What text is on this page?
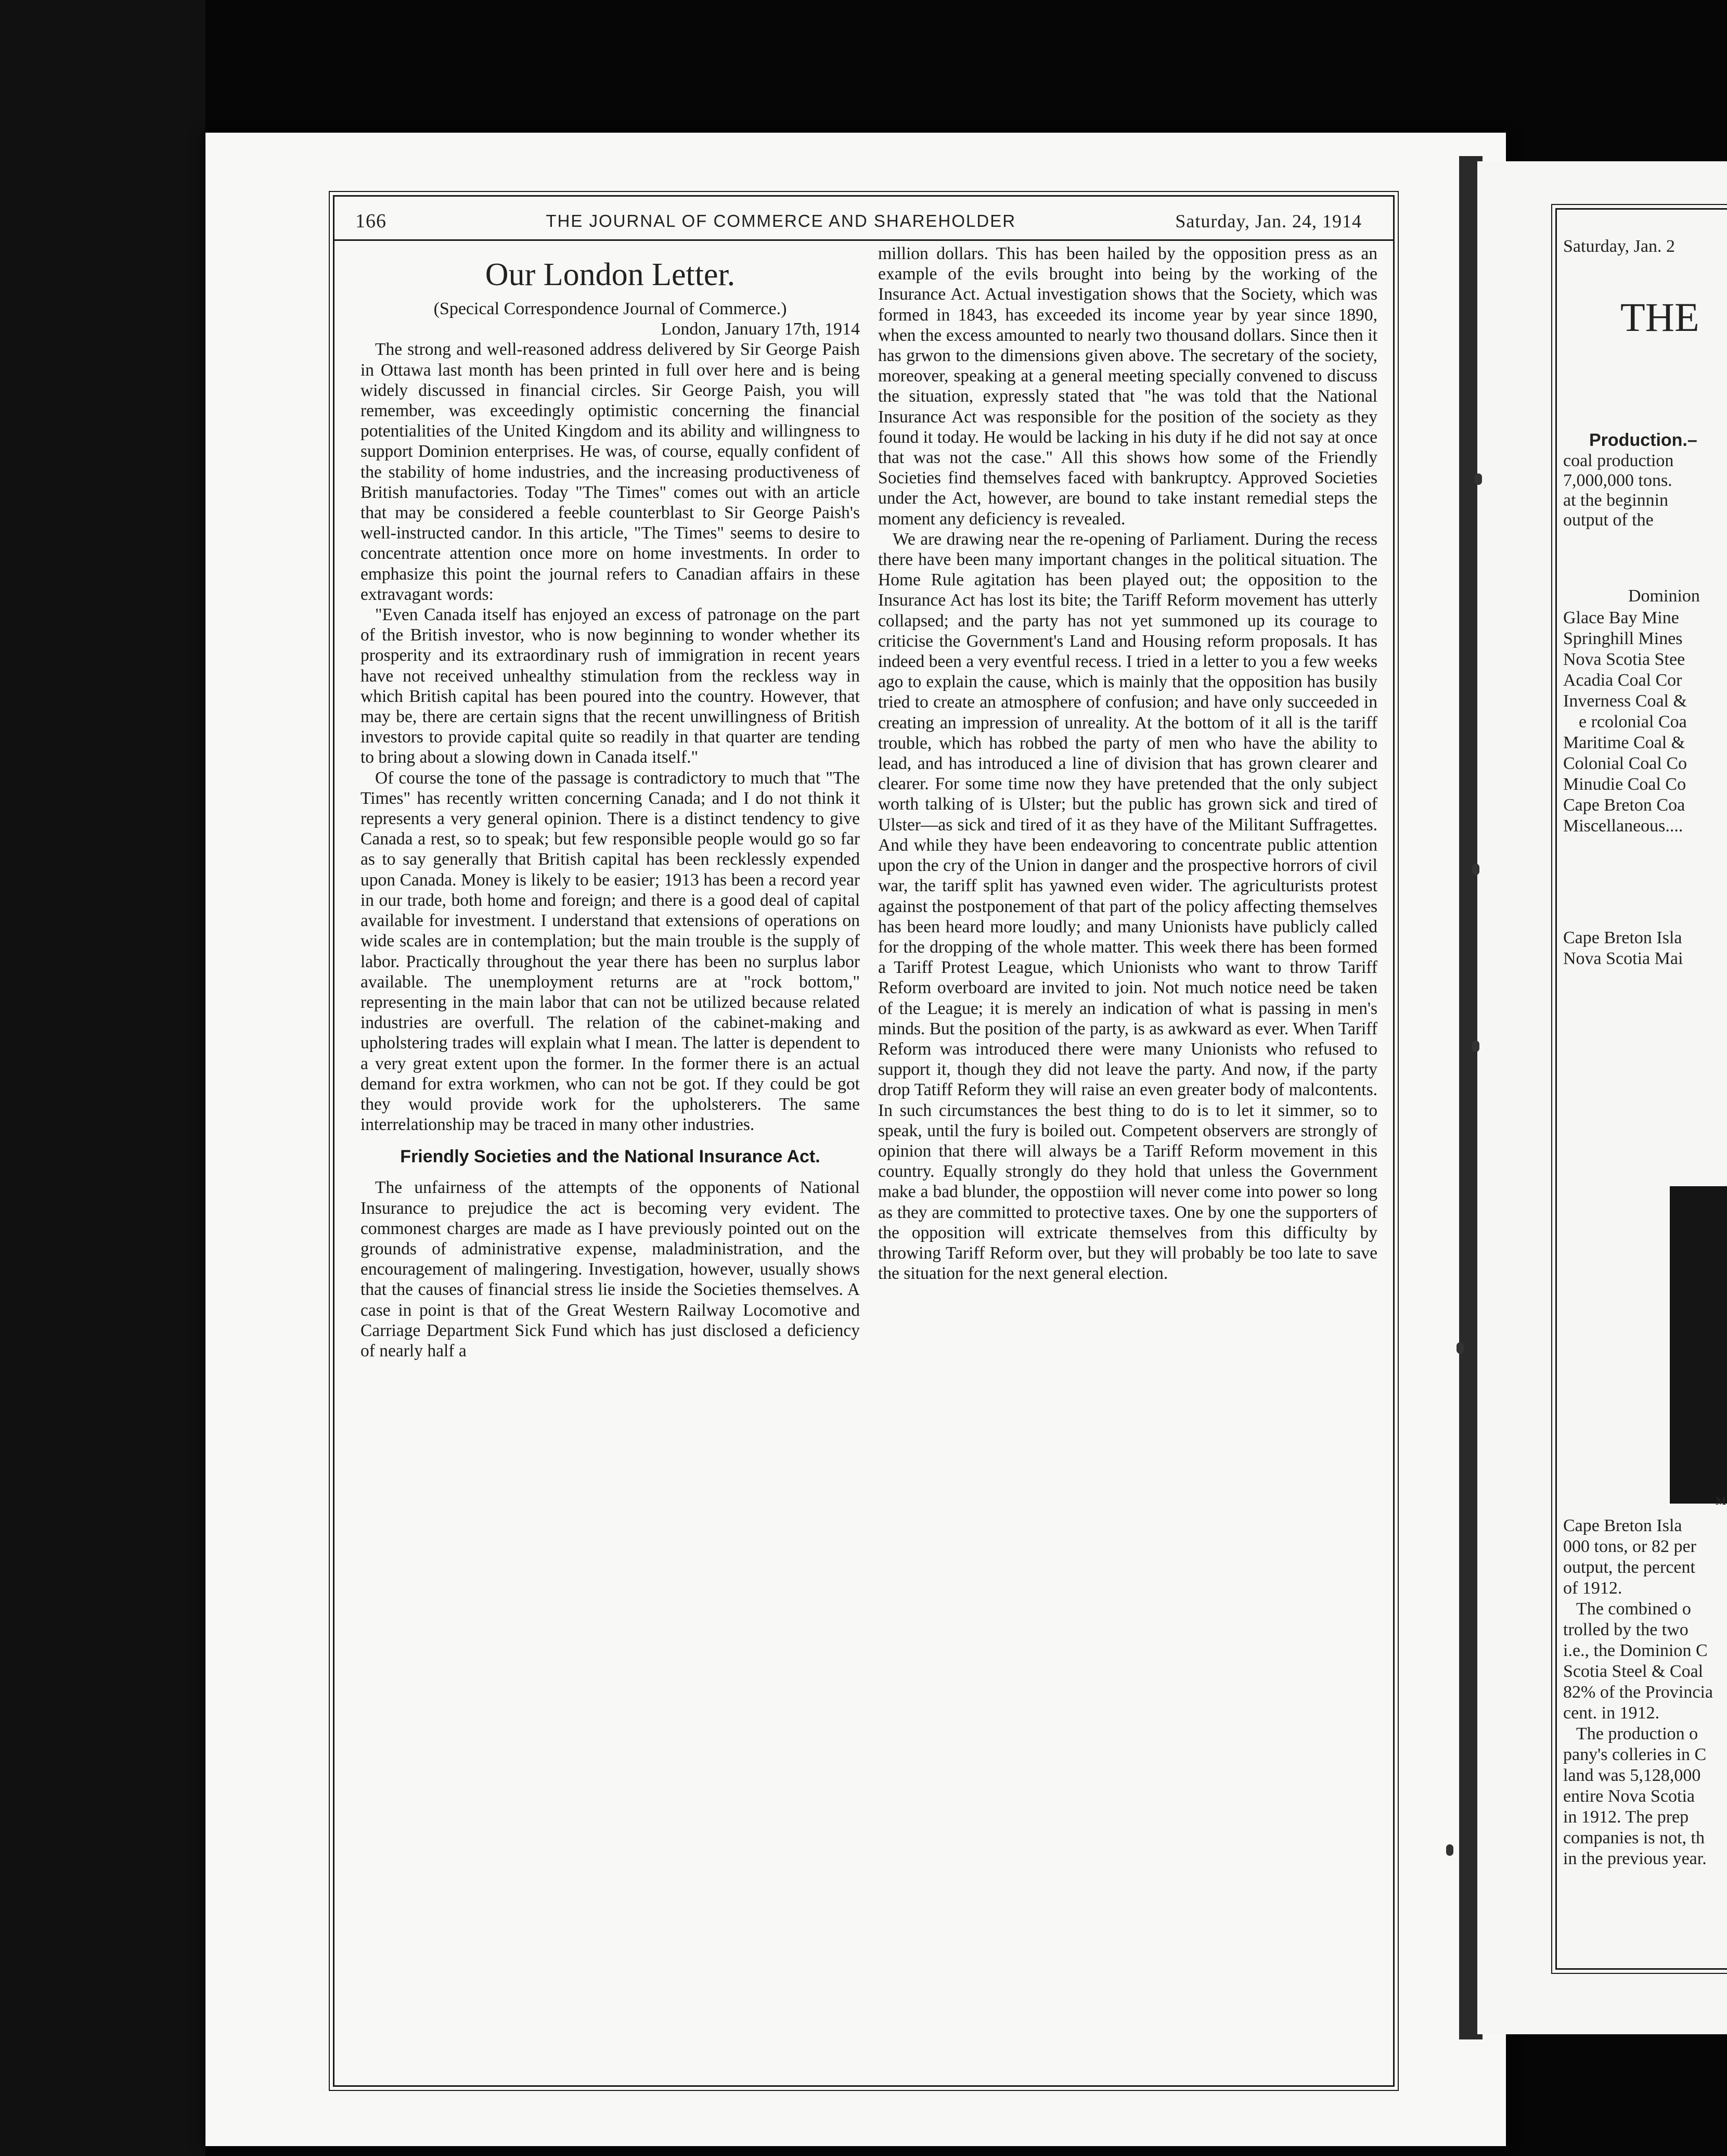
166	THE JOURNAL OF COMMERCE AND SHAREHOLDER	Saturday, Jan. 24, 1914
Our London Letter.

(Specical Correspondence Journal of Commerce.)

London, January 17th, 1914

The strong and well-reasoned address delivered by Sir George Paish in Ottawa last month has been printed in full over here and is being widely discussed in financial circles. Sir George Paish, you will remember, was exceedingly optimistic concerning the financial potentialities of the United Kingdom and its ability and willingness to support Dominion enterprises. He was, of course, equally confident of the stability of home industries, and the increasing productiveness of British manufactories. Today "The Times" comes out with an article that may be considered a feeble counterblast to Sir George Paish's well-instructed candor. In this article, "The Times" seems to desire to concentrate attention once more on home investments. In order to emphasize this point the journal refers to Canadian affairs in these extravagant words:

"Even Canada itself has enjoyed an excess of patronage on the part of the British investor, who is now beginning to wonder whether its prosperity and its extraordinary rush of immigration in recent years have not received unhealthy stimulation from the reckless way in which British capital has been poured into the country. However, that may be, there are certain signs that the recent unwillingness of British investors to provide capital quite so readily in that quarter are tending to bring about a slowing down in Canada itself."

Of course the tone of the passage is contradictory to much that "The Times" has recently written concerning Canada; and I do not think it represents a very general opinion. There is a distinct tendency to give Canada a rest, so to speak; but few responsible people would go so far as to say generally that British capital has been recklessly expended upon Canada. Money is likely to be easier; 1913 has been a record year in our trade, both home and foreign; and there is a good deal of capital available for investment. I understand that extensions of operations on wide scales are in contemplation; but the main trouble is the supply of labor. Practically throughout the year there has been no surplus labor available. The unemployment returns are at "rock bottom," representing in the main labor that can not be utilized because related industries are overfull. The relation of the cabinet-making and upholstering trades will explain what I mean. The latter is dependent to a very great extent upon the former. In the former there is an actual demand for extra workmen, who can not be got. If they could be got they would provide work for the upholsterers. The same interrelationship may be traced in many other industries.

Friendly Societies and the National Insurance Act.

The unfairness of the attempts of the opponents of National Insurance to prejudice the act is becoming very evident. The commonest charges are made as I have previously pointed out on the grounds of administrative expense, maladministration, and the encouragement of malingering. Investigation, however, usually shows that the causes of financial stress lie inside the Societies themselves. A case in point is that of the Great Western Railway Locomotive and Carriage Department Sick Fund which has just disclosed a deficiency of nearly half a

million dollars. This has been hailed by the opposition press as an example of the evils brought into being by the working of the Insurance Act. Actual investigation shows that the Society, which was formed in 1843, has exceeded its income year by year since 1890, when the excess amounted to nearly two thousand dollars. Since then it has grwon to the dimensions given above. The secretary of the society, moreover, speaking at a general meeting specially convened to discuss the situation, expressly stated that "he was told that the National Insurance Act was responsible for the position of the society as they found it today. He would be lacking in his duty if he did not say at once that was not the case." All this shows how some of the Friendly Societies find themselves faced with bankruptcy. Approved Societies under the Act, however, are bound to take instant remedial steps the moment any deficiency is revealed.

We are drawing near the re-opening of Parliament. During the recess there have been many important changes in the political situation. The Home Rule agitation has been played out; the opposition to the Insurance Act has lost its bite; the Tariff Reform movement has utterly collapsed; and the party has not yet summoned up its courage to criticise the Government's Land and Housing reform proposals. It has indeed been a very eventful recess. I tried in a letter to you a few weeks ago to explain the cause, which is mainly that the opposition has busily tried to create an atmosphere of confusion; and have only succeeded in creating an impression of unreality. At the bottom of it all is the tariff trouble, which has robbed the party of men who have the ability to lead, and has introduced a line of division that has grown clearer and clearer. For some time now they have pretended that the only subject worth talking of is Ulster; but the public has grown sick and tired of Ulster—as sick and tired of it as they have of the Militant Suffragettes. And while they have been endeavoring to concentrate public attention upon the cry of the Union in danger and the prospective horrors of civil war, the tariff split has yawned even wider. The agriculturists protest against the postponement of that part of the policy affecting themselves has been heard more loudly; and many Unionists have publicly called for the dropping of the whole matter. This week there has been formed a Tariff Protest League, which Unionists who want to throw Tariff Reform overboard are invited to join. Not much notice need be taken of the League; it is merely an indication of what is passing in men's minds. But the position of the party, is as awkward as ever. When Tariff Reform was introduced there were many Unionists who refused to support it, though they did not leave the party. And now, if the party drop Tatiff Reform they will raise an even greater body of malcontents. In such circumstances the best thing to do is to let it simmer, so to speak, until the fury is boiled out. Competent observers are strongly of opinion that there will always be a Tariff Reform movement in this country. Equally strongly do they hold that unless the Government make a bad blunder, the oppostiion will never come into power so long as they are committed to protective taxes. One by one the supporters of the opposition will extricate themselves from this difficulty by throwing Tariff Reform over, but they will probably be too late to save the situation for the next general election.

Saturday, Jan. 2
THE
Production.–
coal production
7,000,000 tons.
at the beginnin
output of the
Dominion
Glace Bay Mine
Springhill Mines
Nova Scotia Stee
Acadia Coal Cor
Inverness Coal &
e rcolonial Coa
Maritime Coal &
Colonial Coal Co
Minudie Coal Co
Cape Breton Coa
Miscellaneous....
Cape Breton Isla
Nova Scotia Mai
M
Cape Breton Isla
000 tons, or 82 per
output, the percent
of 1912.
The combined o
trolled by the two
i.e., the Dominion C
Scotia Steel & Coal
82% of the Provincia
cent. in 1912.
The production o
pany's colleries in C
land was 5,128,000
entire Nova Scotia
in 1912. The prep
companies is not, th
in the previous year.
